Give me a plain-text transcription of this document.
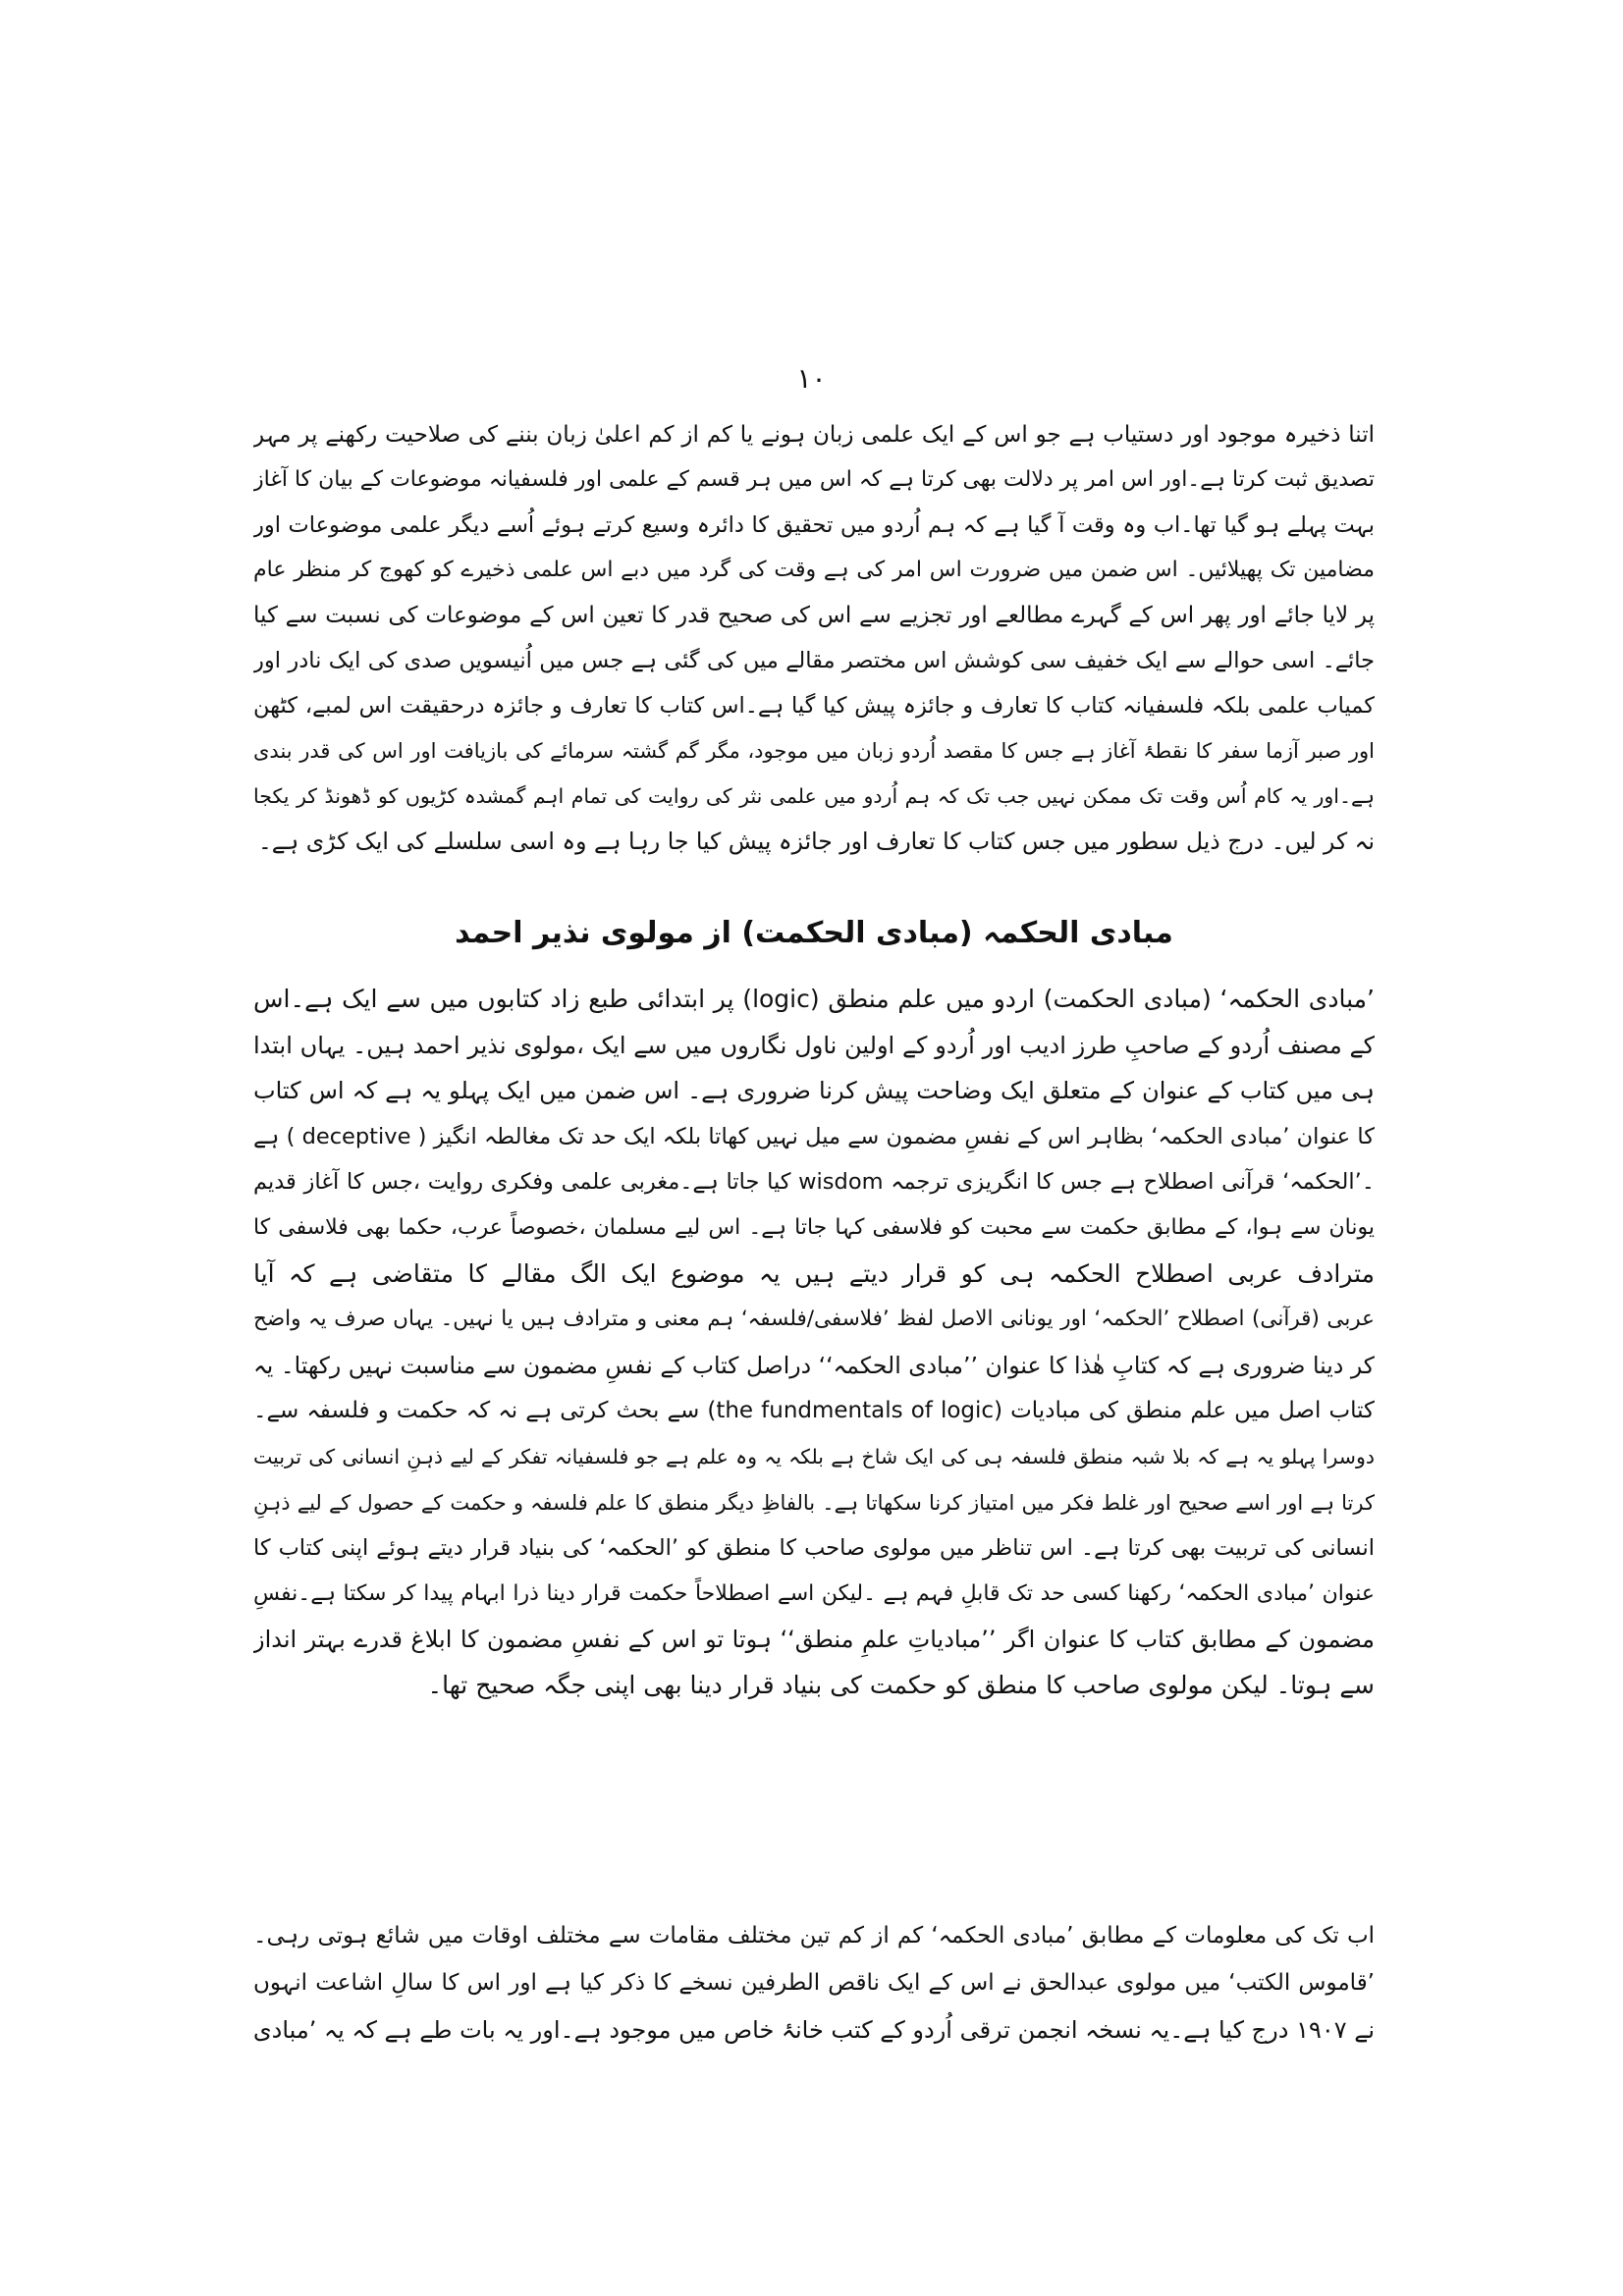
۱۰
اتنا ذخیرہ موجود اور دستیاب ہے جو اس کے ایک علمی زبان ہونے یا کم از کم اعلیٰ زبان بننے کی صلاحیت رکھنے پر مہر
تصدیق ثبت کرتا ہے۔اور اس امر پر دلالت بھی کرتا ہے کہ اس میں ہر قسم کے علمی اور فلسفیانہ موضوعات کے بیان کا آغاز
بہت پہلے ہو گیا تھا۔اب وہ وقت آ گیا ہے کہ ہم اُردو میں تحقیق کا دائرہ وسیع کرتے ہوئے اُسے دیگر علمی موضوعات اور
مضامین تک پھیلائیں۔ اس ضمن میں ضرورت اس امر کی ہے وقت کی گرد میں دبے اس علمی ذخیرے کو کھوج کر منظر عام
پر لایا جائے اور پھر اس کے گہرے مطالعے اور تجزیے سے اس کی صحیح قدر کا تعین اس کے موضوعات کی نسبت سے کیا
جائے۔ اسی حوالے سے ایک خفیف سی کوشش اس مختصر مقالے میں کی گئی ہے جس میں اُنیسویں صدی کی ایک نادر اور
کمیاب علمی بلکہ فلسفیانہ کتاب کا تعارف و جائزہ پیش کیا گیا ہے۔اس کتاب کا تعارف و جائزہ درحقیقت اس لمبے، کٹھن
اور صبر آزما سفر کا نقطۂ آغاز ہے جس کا مقصد اُردو زبان میں موجود، مگر گم گشتہ سرمائے کی بازیافت اور اس کی قدر بندی
ہے۔اور یہ کام اُس وقت تک ممکن نہیں جب تک کہ ہم اُردو میں علمی نثر کی روایت کی تمام اہم گمشدہ کڑیوں کو ڈھونڈ کر یکجا
نہ کر لیں۔ درج ذیل سطور میں جس کتاب کا تعارف اور جائزہ پیش کیا جا رہا ہے وہ اسی سلسلے کی ایک کڑی ہے۔
مبادی الحکمہ (مبادی الحکمت) از مولوی نذیر احمد
’مبادی الحکمہ‘ (مبادی الحکمت) اردو میں علم منطق (logic) پر ابتدائی طبع زاد کتابوں میں سے ایک ہے۔اس
کے مصنف اُردو کے صاحبِ طرز ادیب اور اُردو کے اولین ناول نگاروں میں سے ایک ،مولوی نذیر احمد ہیں۔ یہاں ابتدا
ہی میں کتاب کے عنوان کے متعلق ایک وضاحت پیش کرنا ضروری ہے۔ اس ضمن میں ایک پہلو یہ ہے کہ اس کتاب
کا عنوان ’مبادی الحکمہ‘ بظاہر اس کے نفسِ مضمون سے میل نہیں کھاتا بلکہ ایک حد تک مغالطہ انگیز ( deceptive ) ہے
۔’الحکمہ‘ قرآنی اصطلاح ہے جس کا انگریزی ترجمہ wisdom کیا جاتا ہے۔مغربی علمی وفکری روایت ،جس کا آغاز قدیم
یونان سے ہوا، کے مطابق حکمت سے محبت کو فلاسفی کہا جاتا ہے۔ اس لیے مسلمان ،خصوصاً عرب، حکما بھی فلاسفی کا
مترادف عربی اصطلاح الحکمہ ہی کو قرار دیتے ہیں یہ موضوع ایک الگ مقالے کا متقاضی ہے کہ آیا
عربی (قرآنی) اصطلاح ’الحکمہ‘ اور یونانی الاصل لفظ ’فلاسفی/فلسفہ‘ ہم معنی و مترادف ہیں یا نہیں۔ یہاں صرف یہ واضح
کر دینا ضروری ہے کہ کتابِ ھٰذا کا عنوان ’’مبادی الحکمہ‘‘ دراصل کتاب کے نفسِ مضمون سے مناسبت نہیں رکھتا۔ یہ
کتاب اصل میں علم منطق کی مبادیات (the fundmentals of logic) سے بحث کرتی ہے نہ کہ حکمت و فلسفہ سے۔
دوسرا پہلو یہ ہے کہ بلا شبہ منطق فلسفہ ہی کی ایک شاخ ہے بلکہ یہ وہ علم ہے جو فلسفیانہ تفکر کے لیے ذہنِ انسانی کی تربیت
کرتا ہے اور اسے صحیح اور غلط فکر میں امتیاز کرنا سکھاتا ہے۔ بالفاظِ دیگر منطق کا علم فلسفہ و حکمت کے حصول کے لیے ذہنِ
انسانی کی تربیت بھی کرتا ہے۔ اس تناظر میں مولوی صاحب کا منطق کو ’الحکمہ‘ کی بنیاد قرار دیتے ہوئے اپنی کتاب کا
عنوان ’مبادی الحکمہ‘ رکھنا کسی حد تک قابلِ فہم ہے ۔لیکن اسے اصطلاحاً حکمت قرار دینا ذرا ابہام پیدا کر سکتا ہے۔نفسِ
مضمون کے مطابق کتاب کا عنوان اگر ’’مبادیاتِ علمِ منطق‘‘ ہوتا تو اس کے نفسِ مضمون کا ابلاغ قدرے بہتر انداز
سے ہوتا۔ لیکن مولوی صاحب کا منطق کو حکمت کی بنیاد قرار دینا بھی اپنی جگہ صحیح تھا۔
اب تک کی معلومات کے مطابق ’مبادی الحکمہ‘ کم از کم تین مختلف مقامات سے مختلف اوقات میں شائع ہوتی رہی۔
’قاموس الکتب‘ میں مولوی عبدالحق نے اس کے ایک ناقص الطرفین نسخے کا ذکر کیا ہے اور اس کا سالِ اشاعت انہوں
نے ۱۹۰۷ درج کیا ہے۔یہ نسخہ انجمن ترقی اُردو کے کتب خانۂ خاص میں موجود ہے۔اور یہ بات طے ہے کہ یہ ’مبادی
